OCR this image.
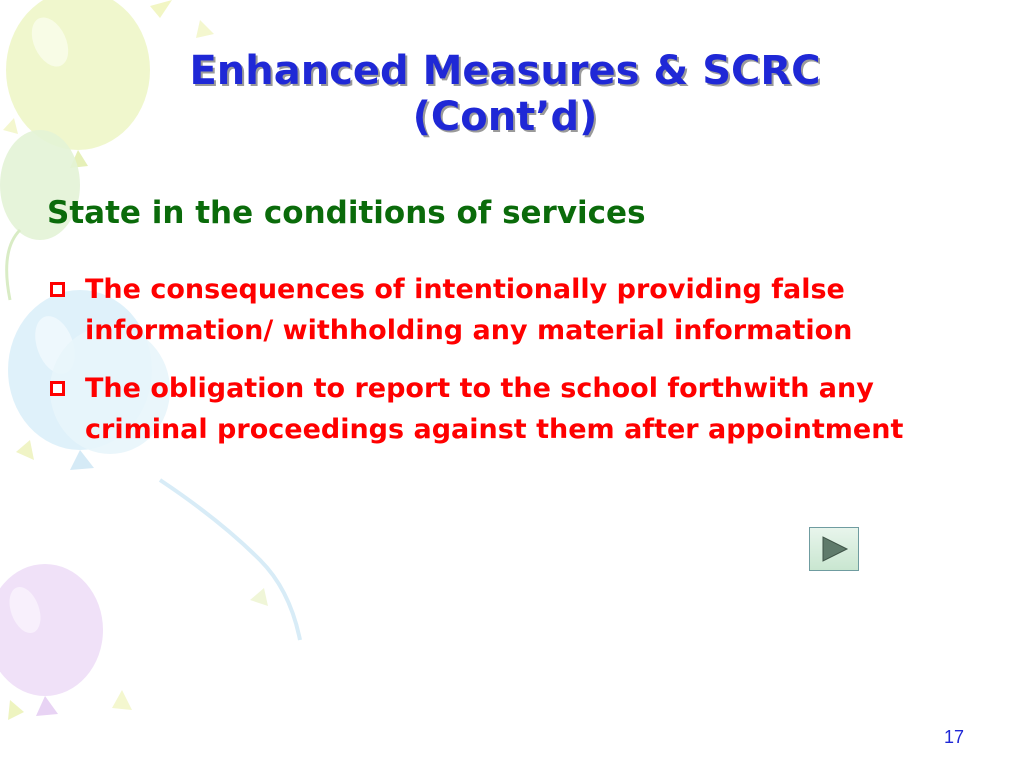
Enhanced Measures & SCRC
(Cont’d)
State in the conditions of services
The consequences of intentionally providing false information/ withholding any material information
The obligation to report to the school forthwith any criminal proceedings against them after appointment
17
